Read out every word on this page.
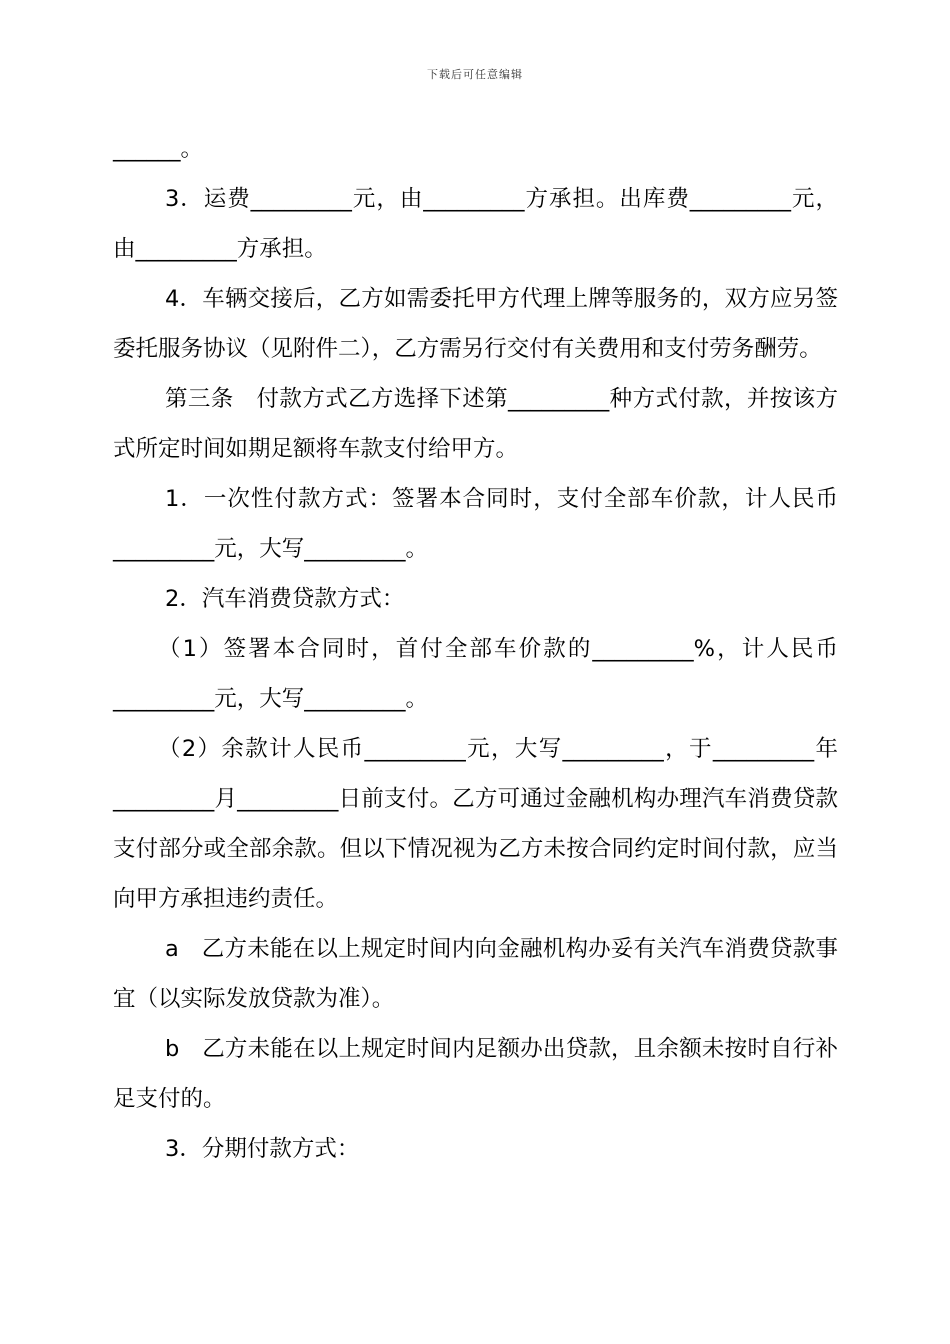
下载后可任意编辑

______。

3．运费_________元，由_________方承担。出库费_________元，由_________方承担。

4．车辆交接后，乙方如需委托甲方代理上牌等服务的，双方应另签委托服务协议（见附件二），乙方需另行交付有关费用和支付劳务酬劳。

第三条　付款方式乙方选择下述第_________种方式付款，并按该方式所定时间如期足额将车款支付给甲方。

1．一次性付款方式：签署本合同时，支付全部车价款，计人民币_________元，大写_________。

2．汽车消费贷款方式：

（1）签署本合同时，首付全部车价款的_________%，计人民币_________元，大写_________。

（2）余款计人民币_________元，大写_________，于_________年_________月_________日前支付。乙方可通过金融机构办理汽车消费贷款支付部分或全部余款。但以下情况视为乙方未按合同约定时间付款，应当向甲方承担违约责任。

a　乙方未能在以上规定时间内向金融机构办妥有关汽车消费贷款事宜（以实际发放贷款为准）。

b　乙方未能在以上规定时间内足额办出贷款，且余额未按时自行补足支付的。

3．分期付款方式：
